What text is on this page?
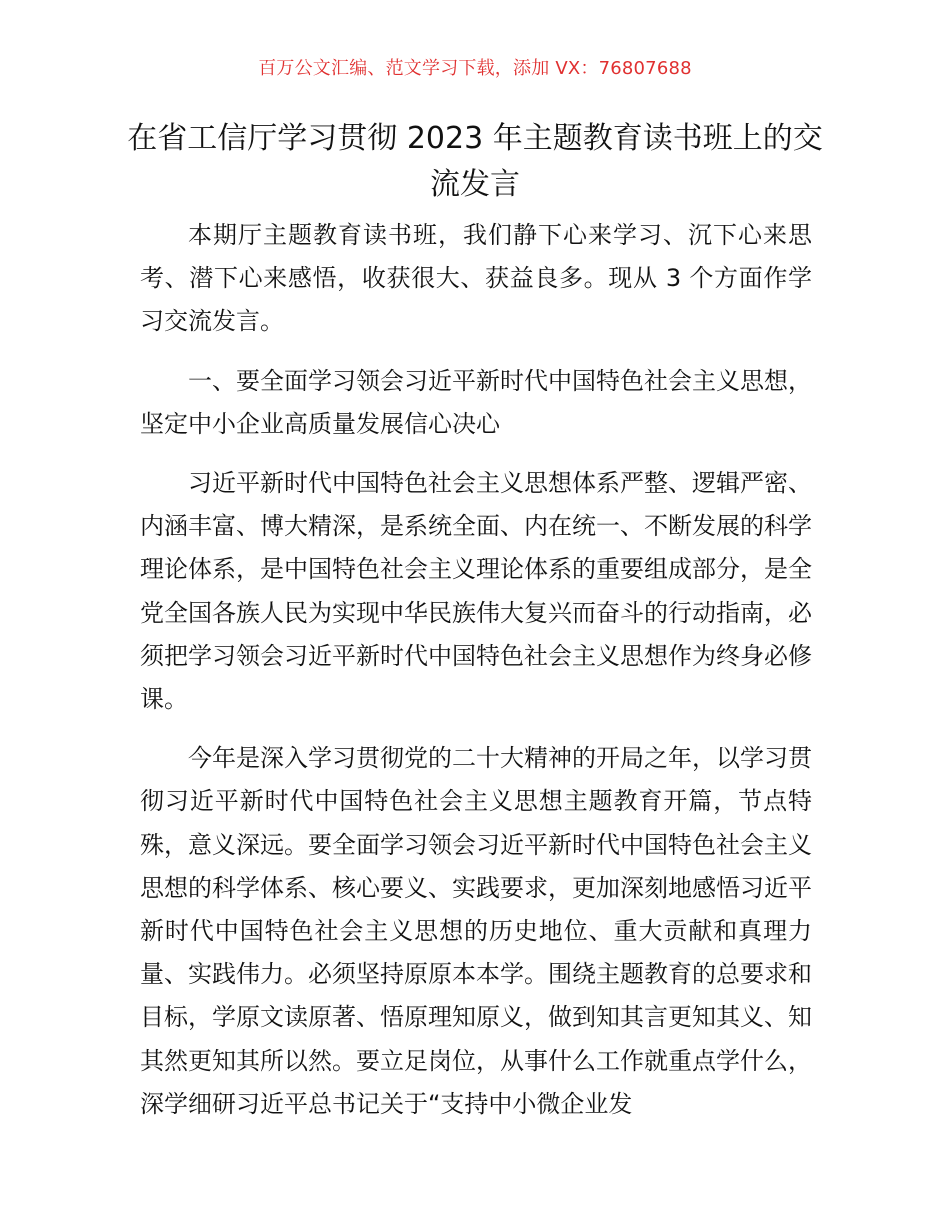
百万公文汇编、范文学习下载，添加 VX：76807688
在省工信厅学习贯彻 2023 年主题教育读书班上的交流发言

本期厅主题教育读书班，我们静下心来学习、沉下心来思考、潜下心来感悟，收获很大、获益良多。现从 3 个方面作学习交流发言。

一、要全面学习领会习近平新时代中国特色社会主义思想，坚定中小企业高质量发展信心决心

习近平新时代中国特色社会主义思想体系严整、逻辑严密、内涵丰富、博大精深，是系统全面、内在统一、不断发展的科学理论体系，是中国特色社会主义理论体系的重要组成部分，是全党全国各族人民为实现中华民族伟大复兴而奋斗的行动指南，必须把学习领会习近平新时代中国特色社会主义思想作为终身必修课。

今年是深入学习贯彻党的二十大精神的开局之年，以学习贯彻习近平新时代中国特色社会主义思想主题教育开篇，节点特殊，意义深远。要全面学习领会习近平新时代中国特色社会主义思想的科学体系、核心要义、实践要求，更加深刻地感悟习近平新时代中国特色社会主义思想的历史地位、重大贡献和真理力量、实践伟力。必须坚持原原本本学。围绕主题教育的总要求和目标，学原文读原著、悟原理知原义，做到知其言更知其义、知其然更知其所以然。要立足岗位，从事什么工作就重点学什么，深学细研习近平总书记关于“支持中小微企业发
